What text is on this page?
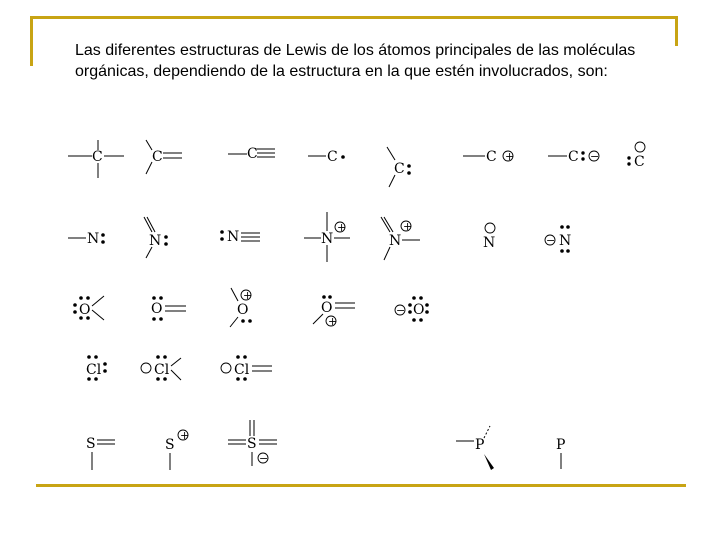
Las diferentes estructuras de Lewis de los átomos principales de las moléculas orgánicas, dependiendo de la estructura en la que estén involucrados, son:
C	C	C	C
C
C +	C − C
N	N	N	N
+
N
+
N	− N
O	O
+
O	O
+
− O
Cl	Cl	Cl
S	S
+
S
−
P	P
